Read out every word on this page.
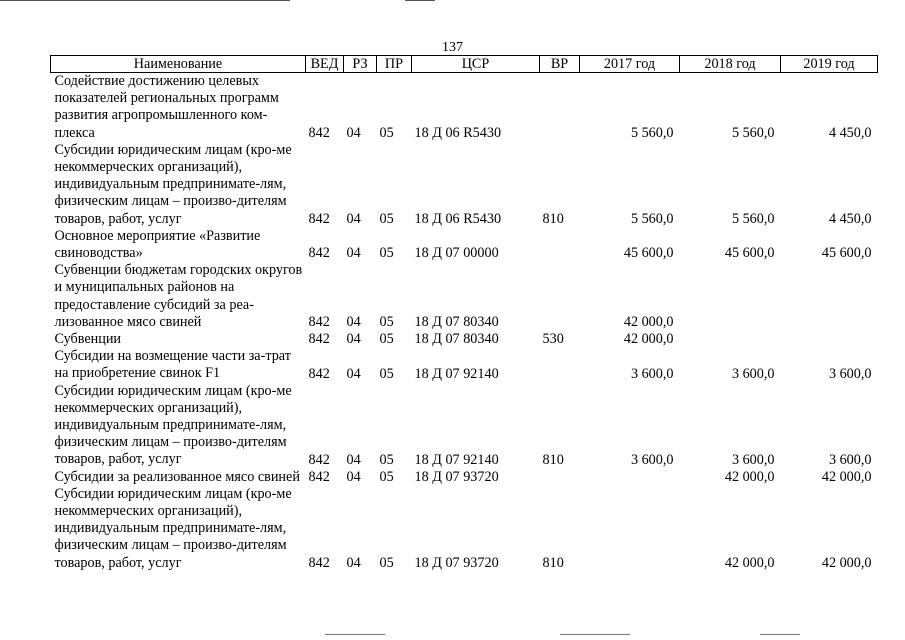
137
Наименование	ВЕД	РЗ	ПР	ЦСР	ВР	2017 год	2018 год	2019 год
Содействие достижению целевых показателей региональных программ развития агропромышленного ком-плекса	842	04	05	18 Д 06 R5430		5 560,0	5 560,0	4 450,0
Субсидии юридическим лицам (кро-ме некоммерческих организаций), индивидуальным предпринимате-лям, физическим лицам – произво-дителям товаров, работ, услуг	842	04	05	18 Д 06 R5430	810	5 560,0	5 560,0	4 450,0
Основное мероприятие «Развитие свиноводства»	842	04	05	18 Д 07 00000		45 600,0	45 600,0	45 600,0
Субвенции бюджетам городских округов и муниципальных районов на предоставление субсидий за реа-лизованное мясо свиней	842	04	05	18 Д 07 80340		42 000,0		
Субвенции	842	04	05	18 Д 07 80340	530	42 000,0		
Субсидии на возмещение части за-трат на приобретение свинок F1	842	04	05	18 Д 07 92140		3 600,0	3 600,0	3 600,0
Субсидии юридическим лицам (кро-ме некоммерческих организаций), индивидуальным предпринимате-лям, физическим лицам – произво-дителям товаров, работ, услуг	842	04	05	18 Д 07 92140	810	3 600,0	3 600,0	3 600,0
Субсидии за реализованное мясо свиней	842	04	05	18 Д 07 93720			42 000,0	42 000,0
Субсидии юридическим лицам (кро-ме некоммерческих организаций), индивидуальным предпринимате-лям, физическим лицам – произво-дителям товаров, работ, услуг	842	04	05	18 Д 07 93720	810		42 000,0	42 000,0
